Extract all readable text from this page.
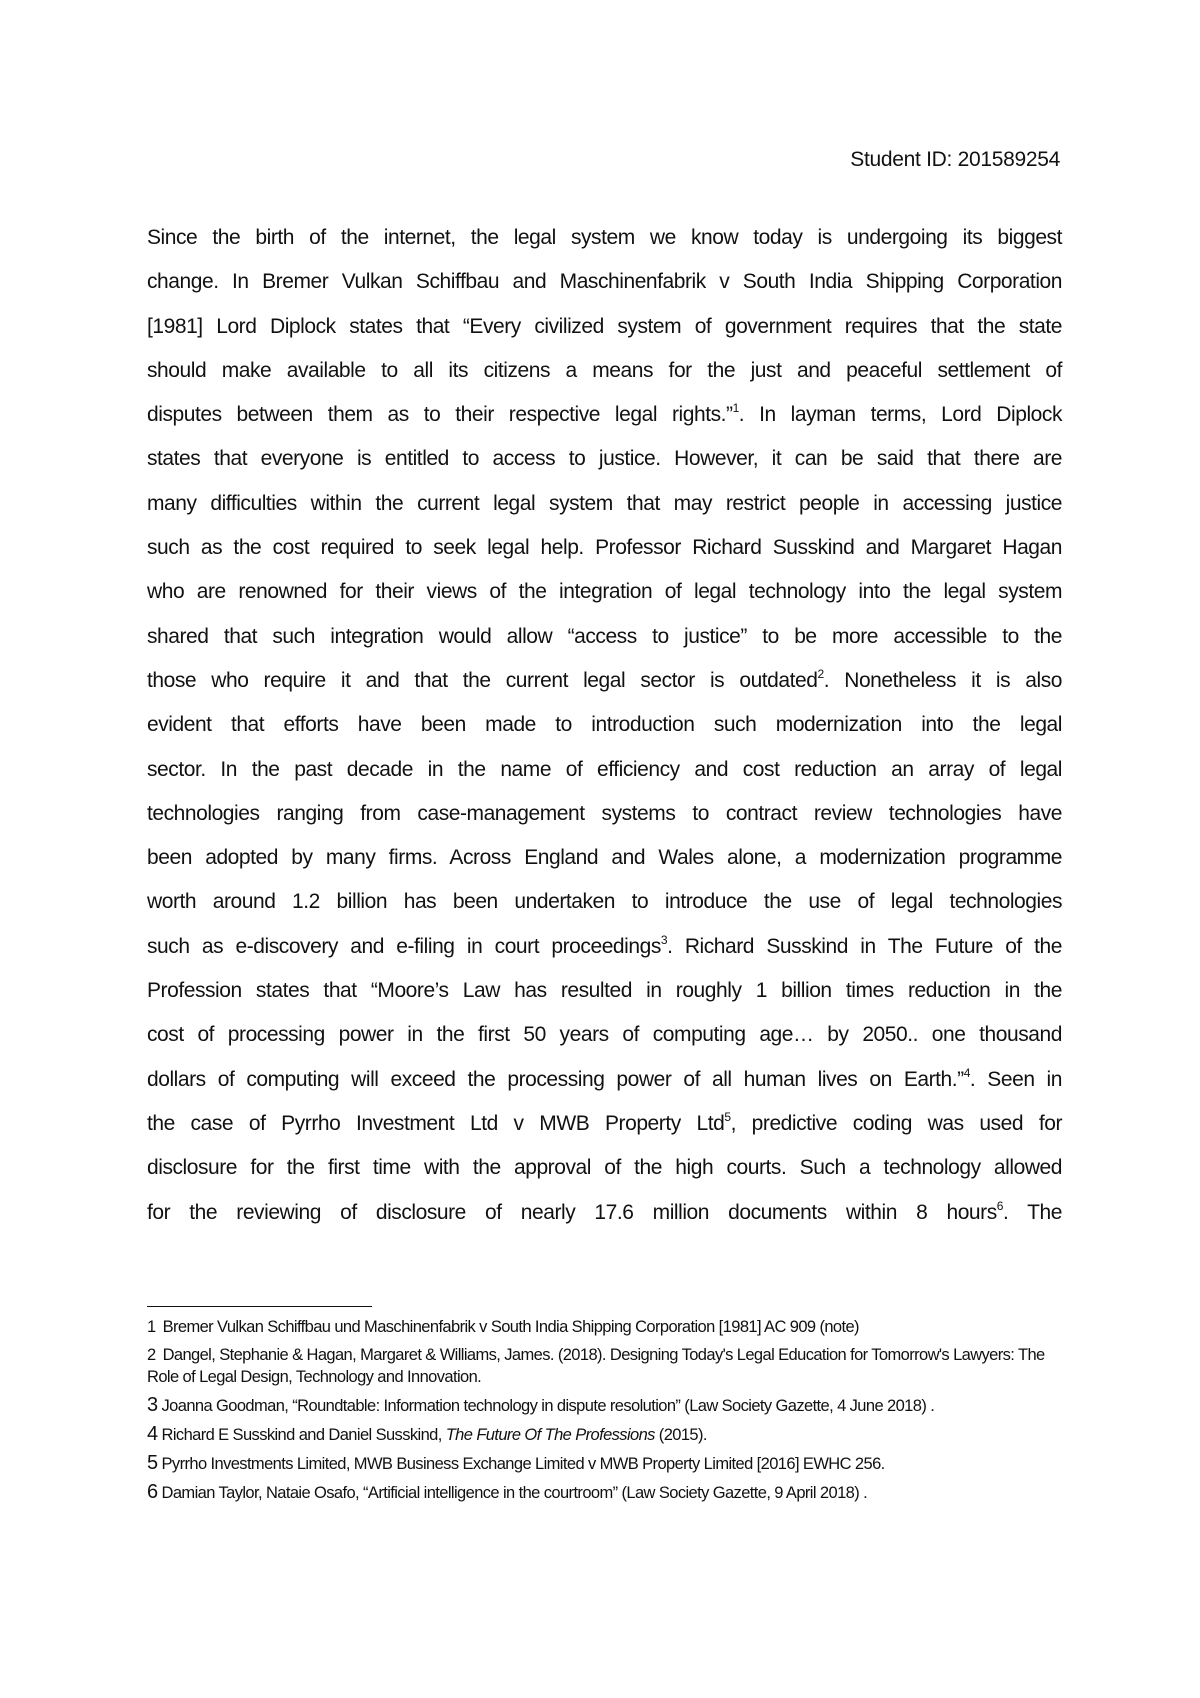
Student ID: 201589254
Since the birth of the internet, the legal system we know today is undergoing its biggest
change. In Bremer Vulkan Schiffbau and Maschinenfabrik v South India Shipping Corporation
[1981] Lord Diplock states that “Every civilized system of government requires that the state
should make available to all its citizens a means for the just and peaceful settlement of
disputes between them as to their respective legal rights.”$^1$. In layman terms, Lord Diplock
states that everyone is entitled to access to justice. However, it can be said that there are
many difficulties within the current legal system that may restrict people in accessing justice
such as the cost required to seek legal help. Professor Richard Susskind and Margaret Hagan
who are renowned for their views of the integration of legal technology into the legal system
shared that such integration would allow “access to justice” to be more accessible to the
those who require it and that the current legal sector is outdated$^2$. Nonetheless it is also
evident that efforts have been made to introduction such modernization into the legal
sector. In the past decade in the name of efficiency and cost reduction an array of legal
technologies ranging from case-management systems to contract review technologies have
been adopted by many firms. Across England and Wales alone, a modernization programme
worth around 1.2 billion has been undertaken to introduce the use of legal technologies
such as e-discovery and e-filing in court proceedings$^3$. Richard Susskind in The Future of the
Profession states that “Moore’s Law has resulted in roughly 1 billion times reduction in the
cost of processing power in the first 50 years of computing age… by 2050.. one thousand
dollars of computing will exceed the processing power of all human lives on Earth.”$^4$. Seen in
the case of Pyrrho Investment Ltd v MWB Property Ltd$^5$, predictive coding was used for
disclosure for the first time with the approval of the high courts. Such a technology allowed
for the reviewing of disclosure of nearly 17.6 million documents within 8 hours$^6$. The
1 Bremer Vulkan Schiffbau und Maschinenfabrik v South India Shipping Corporation [1981] AC 909 (note)
2 Dangel, Stephanie & Hagan, Margaret & Williams, James. (2018). Designing Today's Legal Education for Tomorrow's Lawyers: The Role of Legal Design, Technology and Innovation.
3 Joanna Goodman, “Roundtable: Information technology in dispute resolution” (Law Society Gazette, 4 June 2018) .
4 Richard E Susskind and Daniel Susskind, The Future Of The Professions (2015).
5 Pyrrho Investments Limited, MWB Business Exchange Limited v MWB Property Limited [2016] EWHC 256.
6 Damian Taylor, Nataie Osafo, “Artificial intelligence in the courtroom” (Law Society Gazette, 9 April 2018) .
